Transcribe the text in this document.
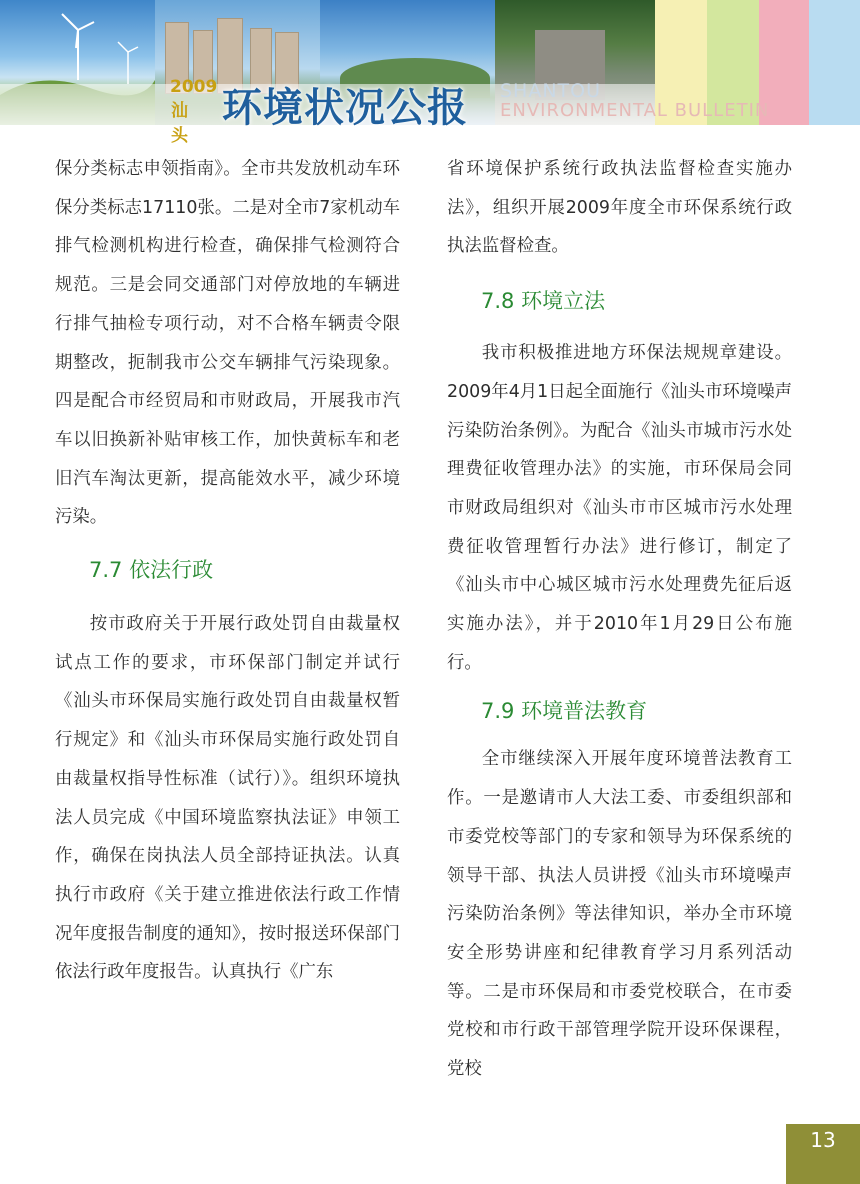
2009
汕头
环境状况公报 SHANTOU
ENVIRONMENTAL BULLETIN

保分类标志申领指南》。全市共发放机动车环保分类标志17110张。二是对全市7家机动车排气检测机构进行检查，确保排气检测符合规范。三是会同交通部门对停放地的车辆进行排气抽检专项行动，对不合格车辆责令限期整改，扼制我市公交车辆排气污染现象。四是配合市经贸局和市财政局，开展我市汽车以旧换新补贴审核工作，加快黄标车和老旧汽车淘汰更新，提高能效水平，减少环境污染。

7.7 依法行政

按市政府关于开展行政处罚自由裁量权试点工作的要求，市环保部门制定并试行《汕头市环保局实施行政处罚自由裁量权暂行规定》和《汕头市环保局实施行政处罚自由裁量权指导性标准（试行）》。组织环境执法人员完成《中国环境监察执法证》申领工作，确保在岗执法人员全部持证执法。认真执行市政府《关于建立推进依法行政工作情况年度报告制度的通知》，按时报送环保部门依法行政年度报告。认真执行《广东

省环境保护系统行政执法监督检查实施办法》，组织开展2009年度全市环保系统行政执法监督检查。

7.8 环境立法

我市积极推进地方环保法规规章建设。2009年4月1日起全面施行《汕头市环境噪声污染防治条例》。为配合《汕头市城市污水处理费征收管理办法》的实施，市环保局会同市财政局组织对《汕头市市区城市污水处理费征收管理暂行办法》进行修订，制定了《汕头市中心城区城市污水处理费先征后返实施办法》，并于2010年1月29日公布施行。

7.9 环境普法教育

全市继续深入开展年度环境普法教育工作。一是邀请市人大法工委、市委组织部和市委党校等部门的专家和领导为环保系统的领导干部、执法人员讲授《汕头市环境噪声污染防治条例》等法律知识，举办全市环境安全形势讲座和纪律教育学习月系列活动等。二是市环保局和市委党校联合，在市委党校和市行政干部管理学院开设环保课程，党校

13
